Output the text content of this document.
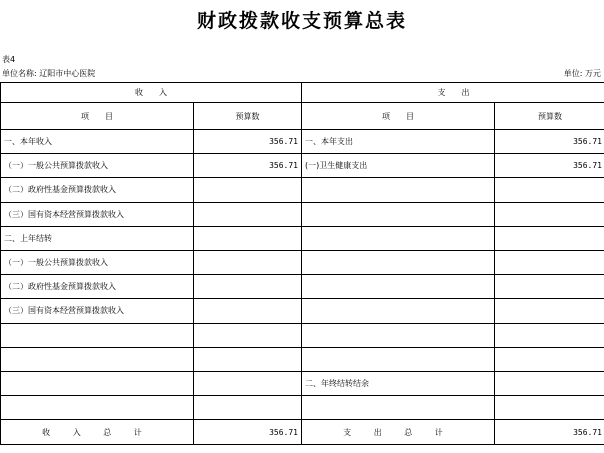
财政拨款收支预算总表
表4
单位名称: 辽阳市中心医院	单位: 万元
收　　入		支　　出	
项　　目	预算数	项　　目	预算数
一、本年收入	356.71	一、本年支出	356.71
（一）一般公共预算拨款收入	356.71	(一)卫生健康支出	356.71
（二）政府性基金预算拨款收入			
（三）国有资本经营预算拨款收入			
二、上年结转			
（一）一般公共预算拨款收入			
（二）政府性基金预算拨款收入			
（三）国有资本经营预算拨款收入			

		二、年终结转结余	

收 入 总 计	356.71	支 出 总 计	356.71
